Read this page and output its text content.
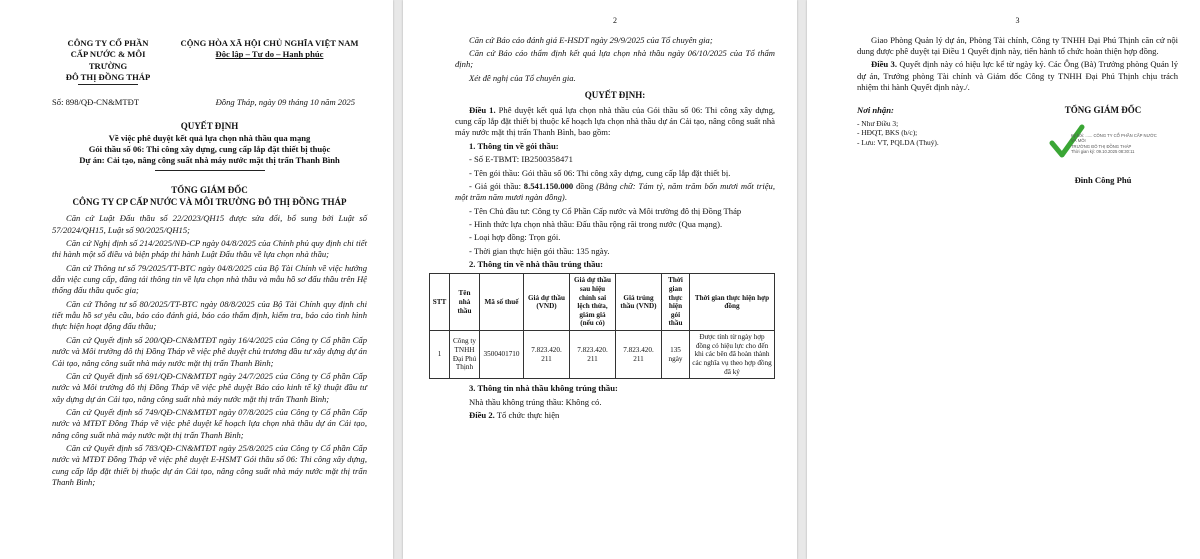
CÔNG TY CỔ PHẦN
CẤP NƯỚC & MÔI TRƯỜNG
ĐÔ THỊ ĐỒNG THÁP
CỘNG HÒA XÃ HỘI CHỦ NGHĨA VIỆT NAM
Độc lập – Tự do – Hạnh phúc
Số: 898/QĐ-CN&MTĐT	Đồng Tháp, ngày 09 tháng 10 năm 2025
QUYẾT ĐỊNH
Về việc phê duyệt kết quả lựa chọn nhà thầu qua mạng
Gói thầu số 06: Thi công xây dựng, cung cấp lắp đặt thiết bị thuộc
Dự án: Cải tạo, nâng công suất nhà máy nước mặt thị trấn Thanh Bình
TỔNG GIÁM ĐỐC
CÔNG TY CP CẤP NƯỚC VÀ MÔI TRƯỜNG ĐÔ THỊ ĐỒNG THÁP

Căn cứ Luật Đấu thầu số 22/2023/QH15 được sửa đổi, bổ sung bởi Luật số 57/2024/QH15, Luật số 90/2025/QH15;

Căn cứ Nghị định số 214/2025/NĐ-CP ngày 04/8/2025 của Chính phủ quy định chi tiết thi hành một số điều và biện pháp thi hành Luật Đấu thầu về lựa chọn nhà thầu;

Căn cứ Thông tư số 79/2025/TT-BTC ngày 04/8/2025 của Bộ Tài Chính về việc hướng dẫn việc cung cấp, đăng tải thông tin về lựa chọn nhà thầu và mẫu hồ sơ đấu thầu trên Hệ thống đấu thầu quốc gia;

Căn cứ Thông tư số 80/2025/TT-BTC ngày 08/8/2025 của Bộ Tài Chính quy định chi tiết mẫu hồ sơ yêu cầu, báo cáo đánh giá, báo cáo thẩm định, kiểm tra, báo cáo tình hình thực hiện hoạt động đấu thầu;

Căn cứ Quyết định số 200/QĐ-CN&MTĐT ngày 16/4/2025 của Công ty Cổ phần Cấp nước và Môi trường đô thị Đồng Tháp về việc phê duyệt chủ trương đầu tư xây dựng dự án Cải tạo, nâng công suất nhà máy nước mặt thị trấn Thanh Bình;

Căn cứ Quyết định số 691/QĐ-CN&MTĐT ngày 24/7/2025 của Công ty Cổ phần Cấp nước và Môi trường đô thị Đồng Tháp về việc phê duyệt Báo cáo kinh tế kỹ thuật đầu tư xây dựng dự án Cải tạo, nâng công suất nhà máy nước mặt thị trấn Thanh Bình;

Căn cứ Quyết định số 749/QĐ-CN&MTĐT ngày 07/8/2025 của Công ty Cổ phần Cấp nước và MTĐT Đồng Tháp về việc phê duyệt kế hoạch lựa chọn nhà thầu dự án Cải tạo, nâng công suất nhà máy nước mặt thị trấn Thanh Bình;

Căn cứ Quyết định số 783/QĐ-CN&MTĐT ngày 25/8/2025 của Công ty Cổ phần Cấp nước và MTĐT Đồng Tháp về việc phê duyệt E-HSMT Gói thầu số 06: Thi công xây dựng, cung cấp lắp đặt thiết bị thuộc dự án Cải tạo, nâng công suất nhà máy nước mặt thị trấn Thanh Bình;

2

Căn cứ Báo cáo đánh giá E-HSDT ngày 29/9/2025 của Tổ chuyên gia;

Căn cứ Báo cáo thẩm định kết quả lựa chọn nhà thầu ngày 06/10/2025 của Tổ thẩm định;

Xét đề nghị của Tổ chuyên gia.

QUYẾT ĐỊNH:

Điều 1. Phê duyệt kết quả lựa chọn nhà thầu của Gói thầu số 06: Thi công xây dựng, cung cấp lắp đặt thiết bị thuộc kế hoạch lựa chọn nhà thầu dự án Cải tạo, nâng công suất nhà máy nước mặt thị trấn Thanh Bình, bao gồm:

1. Thông tin về gói thầu:

- Số E-TBMT: IB2500358471

- Tên gói thầu: Gói thầu số 06: Thi công xây dựng, cung cấp lắp đặt thiết bị.

- Giá gói thầu: 8.541.150.000 đồng (Bằng chữ: Tám tỷ, năm trăm bốn mươi mốt triệu, một trăm năm mươi ngàn đồng).

- Tên Chủ đầu tư: Công ty Cổ Phần Cấp nước và Môi trường đô thị Đồng Tháp

- Hình thức lựa chọn nhà thầu: Đấu thầu rộng rãi trong nước (Qua mạng).

- Loại hợp đồng: Trọn gói.

- Thời gian thực hiện gói thầu: 135 ngày.

2. Thông tin về nhà thầu trúng thầu:

STT	Tên nhà thầu	Mã số thuế	Giá dự thầu (VND)	Giá dự thầu sau hiệu chỉnh sai lệch thừa, giảm giá (nếu có)	Giá trúng thầu (VND)	Thời gian thực hiện gói thầu	Thời gian thực hiện hợp đồng
1	Công ty TNHH Đại Phú Thịnh	3500401710	7.823.420. 211	7.823.420. 211	7.823.420. 211	135 ngày	Được tính từ ngày hợp đồng có hiệu lực cho đến khi các bên đã hoàn thành các nghĩa vụ theo hợp đồng đã ký

3. Thông tin nhà thầu không trúng thầu:

Nhà thầu không trúng thầu: Không có.

Điều 2. Tổ chức thực hiện

3

Giao Phòng Quản lý dự án, Phòng Tài chính, Công ty TNHH Đại Phú Thịnh căn cứ nội dung được phê duyệt tại Điều 1 Quyết định này, tiến hành tổ chức hoàn thiện hợp đồng.

Điều 3. Quyết định này có hiệu lực kể từ ngày ký. Các Ông (Bà) Trưởng phòng Quản lý dự án, Trưởng phòng Tài chính và Giám đốc Công ty TNHH Đại Phú Thịnh chịu trách nhiệm thi hành Quyết định này./.

Nơi nhận:
- Như Điều 3;
- HĐQT, BKS (b/c);
- Lưu: VT, PQLDA (Thuỷ).
TỔNG GIÁM ĐỐC
Ký bởi: ...... CÔNG TY CỔ PHẦN CẤP NƯỚC VÀ MÔI
TRƯỜNG ĐÔ THỊ ĐỒNG THÁP
Thời gian ký: 09.10.2025 08:30:11
Đinh Công Phú
